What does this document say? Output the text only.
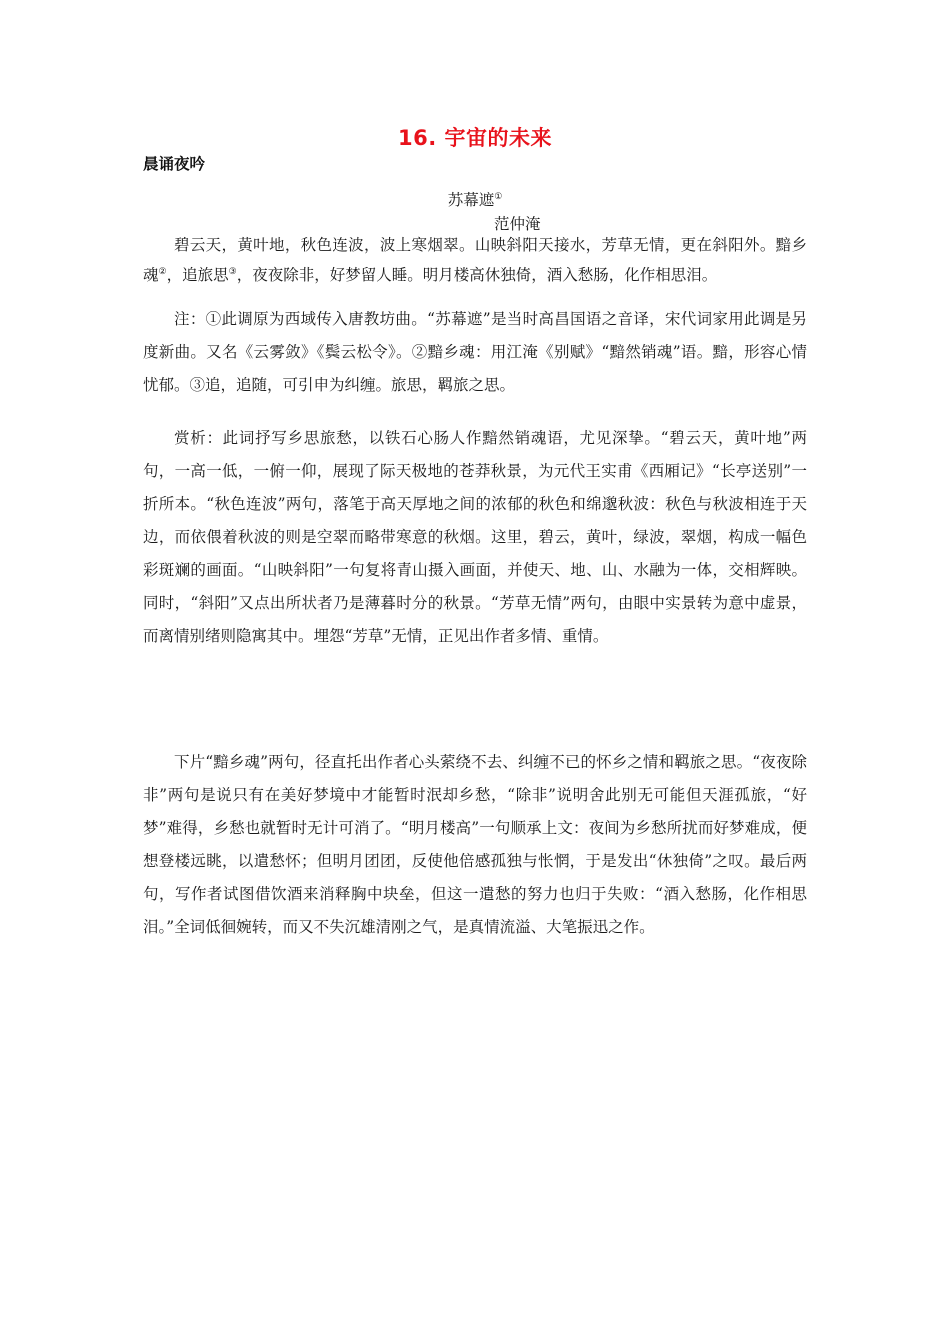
16. 宇宙的未来
晨诵夜吟
苏幕遮①
范仲淹

碧云天，黄叶地，秋色连波，波上寒烟翠。山映斜阳天接水，芳草无情，更在斜阳外。黯乡魂②，追旅思③，夜夜除非，好梦留人睡。明月楼高休独倚，酒入愁肠，化作相思泪。

注：①此调原为西域传入唐教坊曲。“苏幕遮”是当时高昌国语之音译，宋代词家用此调是另度新曲。又名《云雾敛》《鬓云松令》。②黯乡魂：用江淹《别赋》“黯然销魂”语。黯，形容心情忧郁。③追，追随，可引申为纠缠。旅思，羁旅之思。

赏析：此词抒写乡思旅愁，以铁石心肠人作黯然销魂语，尤见深挚。“碧云天，黄叶地”两句，一高一低，一俯一仰，展现了际天极地的苍莽秋景，为元代王实甫《西厢记》“长亭送别”一折所本。“秋色连波”两句，落笔于高天厚地之间的浓郁的秋色和绵邈秋波：秋色与秋波相连于天边，而依偎着秋波的则是空翠而略带寒意的秋烟。这里，碧云，黄叶，绿波，翠烟，构成一幅色彩斑斓的画面。“山映斜阳”一句复将青山摄入画面，并使天、地、山、水融为一体，交相辉映。同时，“斜阳”又点出所状者乃是薄暮时分的秋景。“芳草无情”两句，由眼中实景转为意中虚景，而离情别绪则隐寓其中。埋怨“芳草”无情，正见出作者多情、重情。

下片“黯乡魂”两句，径直托出作者心头萦绕不去、纠缠不已的怀乡之情和羁旅之思。“夜夜除非”两句是说只有在美好梦境中才能暂时泯却乡愁，“除非”说明舍此别无可能但天涯孤旅，“好梦”难得，乡愁也就暂时无计可消了。“明月楼高”一句顺承上文：夜间为乡愁所扰而好梦难成，便想登楼远眺，以遣愁怀；但明月团团，反使他倍感孤独与怅惘，于是发出“休独倚”之叹。最后两句，写作者试图借饮酒来消释胸中块垒，但这一遣愁的努力也归于失败：“酒入愁肠，化作相思泪。”全词低徊婉转，而又不失沉雄清刚之气，是真情流溢、大笔振迅之作。
